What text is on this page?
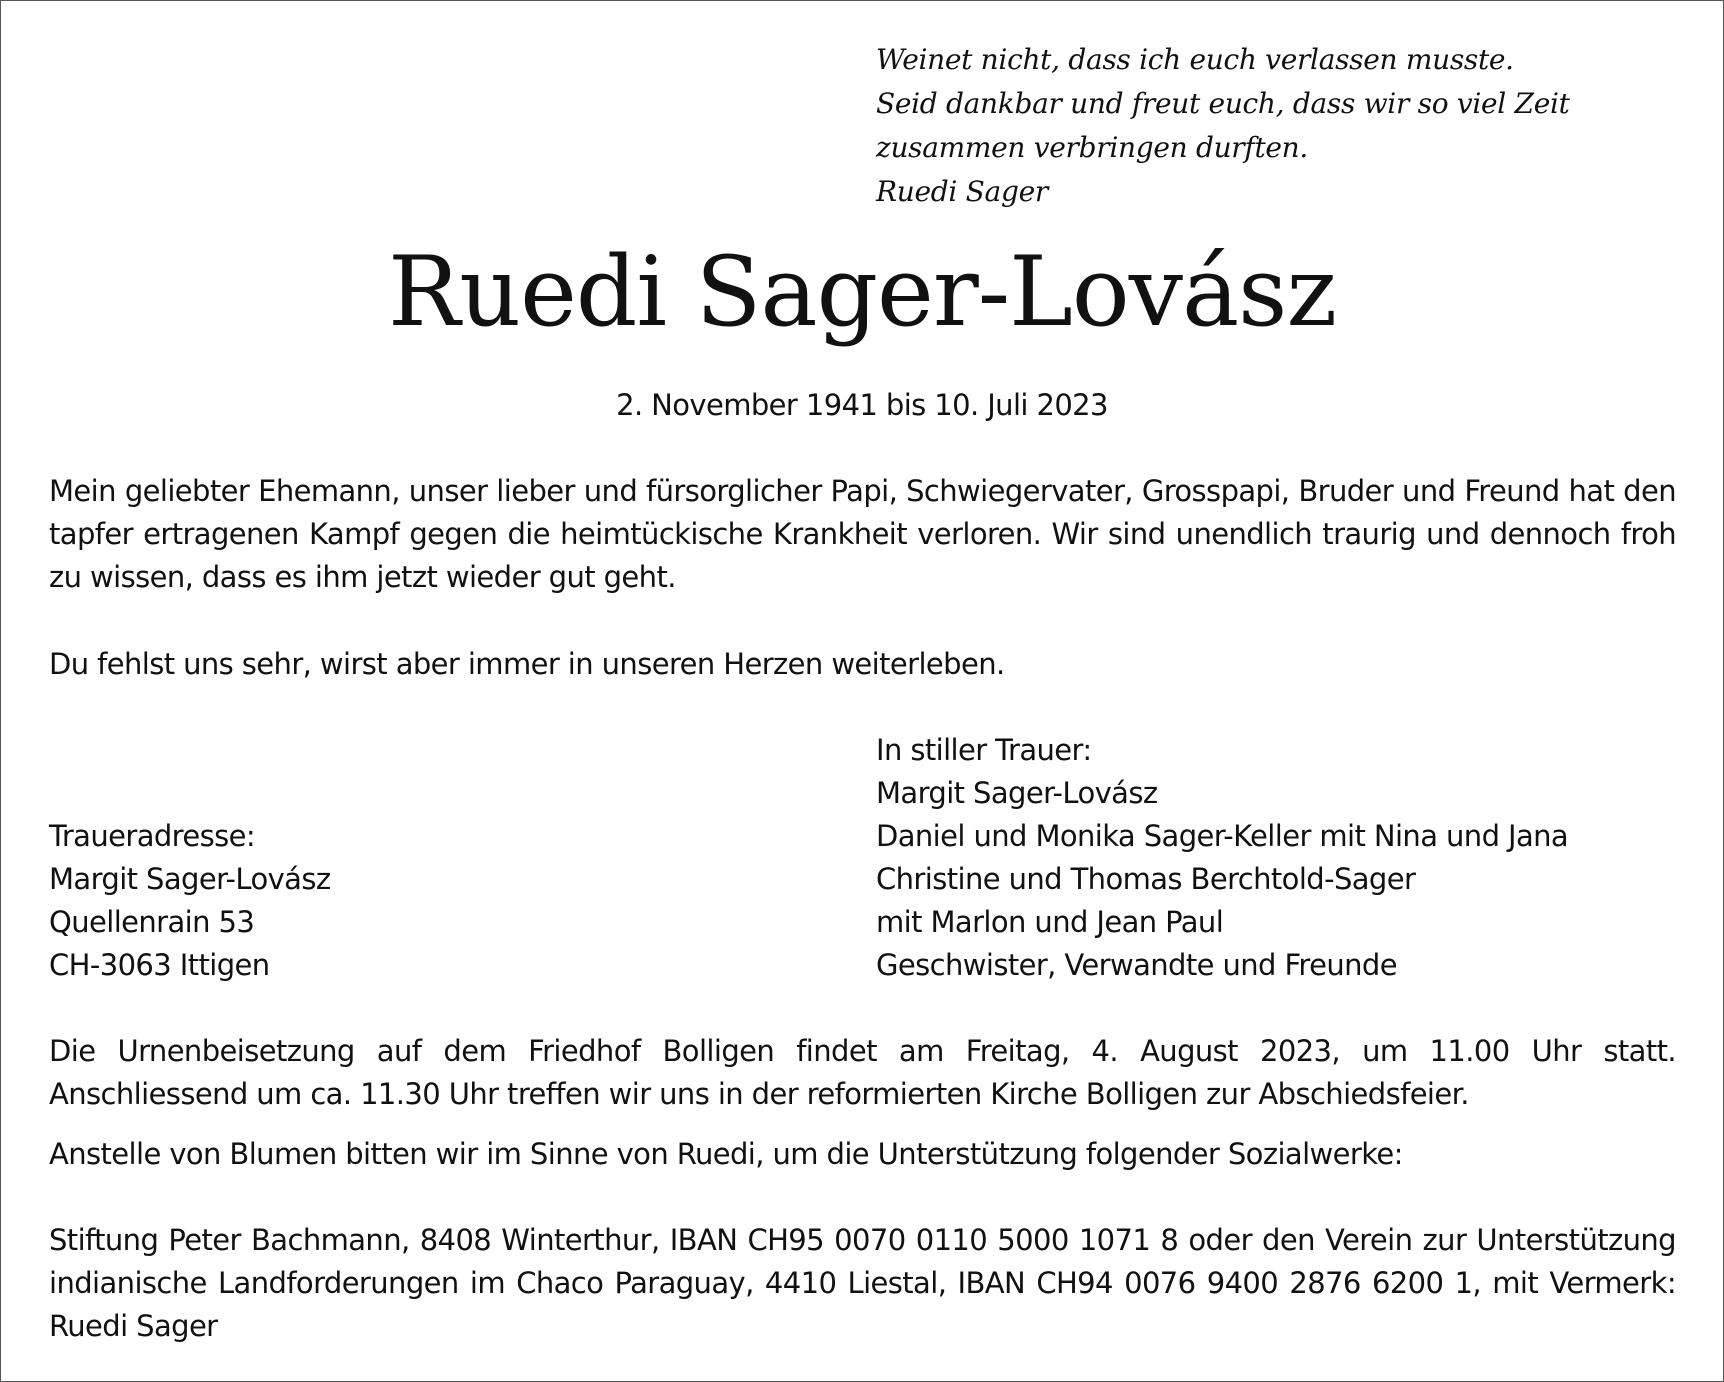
Weinet nicht, dass ich euch verlassen musste.
Seid dankbar und freut euch, dass wir so viel Zeit
zusammen verbringen durften.
Ruedi Sager
Ruedi Sager-Lovász
2. November 1941 bis 10. Juli 2023
Mein geliebter Ehemann, unser lieber und fürsorglicher Papi, Schwiegervater, Grosspapi, Bruder und Freund hat den tapfer ertragenen Kampf gegen die heimtückische Krankheit verloren. Wir sind unendlich traurig und dennoch froh zu wissen, dass es ihm jetzt wieder gut geht.
Du fehlst uns sehr, wirst aber immer in unseren Herzen weiterleben.
In stiller Trauer:
Margit Sager-Lovász
Daniel und Monika Sager-Keller mit Nina und Jana
Christine und Thomas Berchtold-Sager
mit Marlon und Jean Paul
Geschwister, Verwandte und Freunde
Traueradresse:
Margit Sager-Lovász
Quellenrain 53
CH-3063 Ittigen
Die Urnenbeisetzung auf dem Friedhof Bolligen findet am Freitag, 4. August 2023, um 11.00 Uhr statt. Anschliessend um ca. 11.30 Uhr treffen wir uns in der reformierten Kirche Bolligen zur Abschiedsfeier.
Anstelle von Blumen bitten wir im Sinne von Ruedi, um die Unterstützung folgender Sozialwerke:
Stiftung Peter Bachmann, 8408 Winterthur, IBAN CH95 0070 0110 5000 1071 8 oder den Verein zur Unterstützung indianische Landforderungen im Chaco Paraguay, 4410 Liestal, IBAN CH94 0076 9400 2876 6200 1, mit Vermerk: Ruedi Sager
